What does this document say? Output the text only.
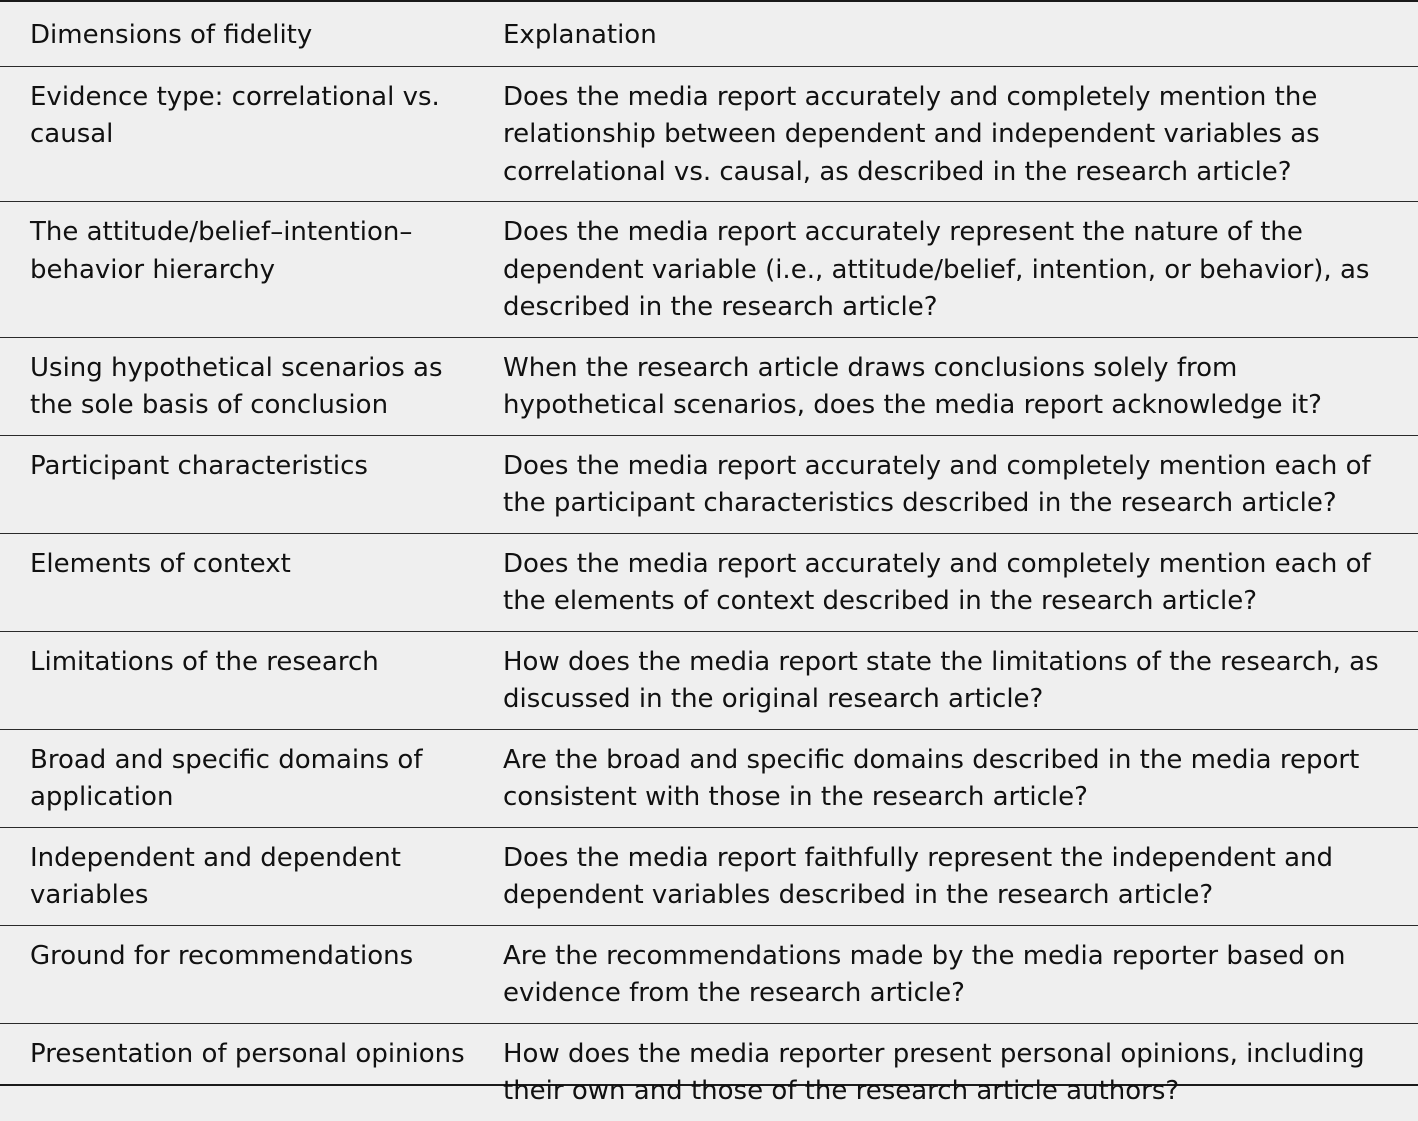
Dimensions of fidelity	Explanation

Evidence type: correlational vs. causal	Does the media report accurately and completely mention the relationship between dependent and independent variables as correlational vs. causal, as described in the research article?

The attitude/belief–intention–behavior hierarchy	Does the media report accurately represent the nature of the dependent variable (i.e., attitude/belief, intention, or behavior), as described in the research article?

Using hypothetical scenarios as the sole basis of conclusion	When the research article draws conclusions solely from hypothetical scenarios, does the media report acknowledge it?

Participant characteristics	Does the media report accurately and completely mention each of the participant characteristics described in the research article?

Elements of context	Does the media report accurately and completely mention each of the elements of context described in the research article?

Limitations of the research	How does the media report state the limitations of the research, as discussed in the original research article?

Broad and specific domains of application	Are the broad and specific domains described in the media report consistent with those in the research article?

Independent and dependent variables	Does the media report faithfully represent the independent and dependent variables described in the research article?

Ground for recommendations	Are the recommendations made by the media reporter based on evidence from the research article?

Presentation of personal opinions	How does the media reporter present personal opinions, including their own and those of the research article authors?
